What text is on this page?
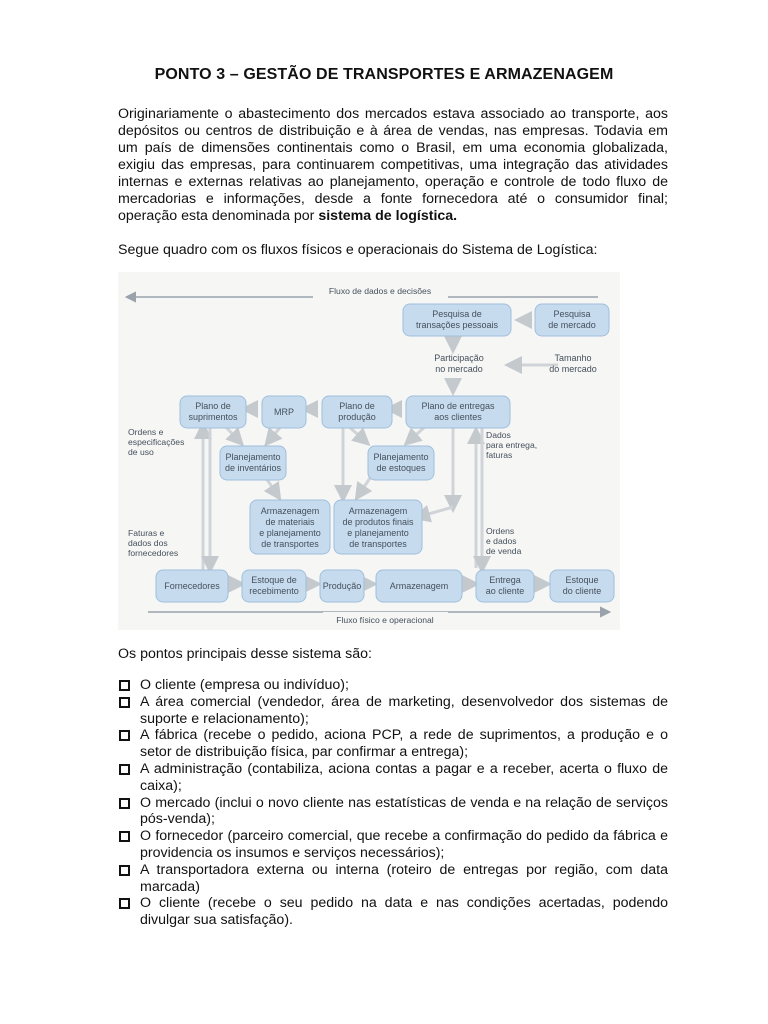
PONTO 3 – GESTÃO DE TRANSPORTES E ARMAZENAGEM

Originariamente o abastecimento dos mercados estava associado ao transporte, aos depósitos ou centros de distribuição e à área de vendas, nas empresas. Todavia em um país de dimensões continentais como o Brasil, em uma economia globalizada, exigiu das empresas, para continuarem competitivas, uma integração das atividades internas e externas relativas ao planejamento, operação e controle de todo fluxo de mercadorias e informações, desde a fonte fornecedora até o consumidor final; operação esta denominada por sistema de logística.

Segue quadro com os fluxos físicos e operacionais do Sistema de Logística:

Fluxo de dados e decisões
Fluxo físico e operacional
Pesquisa de
transações pessoais
Pesquisa
de mercado
Participação
no mercado
Tamanho
do mercado
Plano de
suprimentos	MRP
Plano de
produção
Plano de entregas
aos clientes
Planejamento
de inventários
Planejamento
de estoques
Armazenagem
de materiais
e planejamento
de transportes
Armazenagem
de produtos finais
e planejamento
de transportes
Fornecedores
Estoque de
recebimento	Produção	Armazenagem
Entrega
ao cliente
Estoque
do cliente
Ordens e
especificações
de uso
Faturas e
dados dos
fornecedores
Dados
para entrega,
faturas
Ordens
e dados
de venda

Os pontos principais desse sistema são:

O cliente (empresa ou indivíduo);
A área comercial (vendedor, área de marketing, desenvolvedor dos sistemas de suporte e relacionamento);
A fábrica (recebe o pedido, aciona PCP, a rede de suprimentos, a produção e o setor de distribuição física, par confirmar a entrega);
A administração (contabiliza, aciona contas a pagar e a receber, acerta o fluxo de caixa);
O mercado (inclui o novo cliente nas estatísticas de venda e na relação de serviços pós-venda);
O fornecedor (parceiro comercial, que recebe a confirmação do pedido da fábrica e providencia os insumos e serviços necessários);
A transportadora externa ou interna (roteiro de entregas por região, com data marcada)
O cliente (recebe o seu pedido na data e nas condições acertadas, podendo divulgar sua satisfação).
